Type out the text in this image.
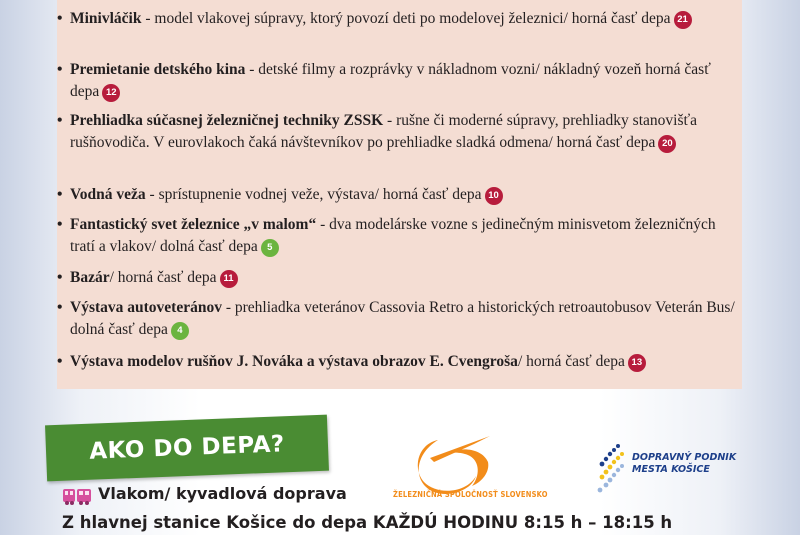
• Minivláčik - model vlakovej súpravy, ktorý povozí deti po modelovej železnici/ horná časť depa 21
• Premietanie detského kina - detské filmy a rozprávky v nákladnom vozni/ nákladný vozeň horná časť depa 12
• Prehliadka súčasnej železničnej techniky ZSSK - rušne či moderné súpravy, prehliadky stanovišťa rušňovodiča. V eurovlakoch čaká návštevníkov po prehliadke sladká odmena/ horná časť depa 20
• Vodná veža - sprístupnenie vodnej veže, výstava/ horná časť depa 10
• Fantastický svet železnice „v malom“ - dva modelárske vozne s jedinečným minisvetom železničných tratí a vlakov/ dolná časť depa 5
• Bazár/ horná časť depa 11
• Výstava autoveteránov - prehliadka veteránov Cassovia Retro a historických retroautobusov Veterán Bus/ dolná časť depa 4
• Výstava modelov rušňov J. Nováka a výstava obrazov E. Cvengroša/ horná časť depa 13
AKO DO DEPA?
ŽELEZNIČNÁ SPOLOČNOSŤ SLOVENSKO
DOPRAVNÝ PODNIK
MESTA KOŠICE
Vlakom/ kyvadlová doprava
Z hlavnej stanice Košice do depa KAŽDÚ HODINU 8:15 h – 18:15 h
